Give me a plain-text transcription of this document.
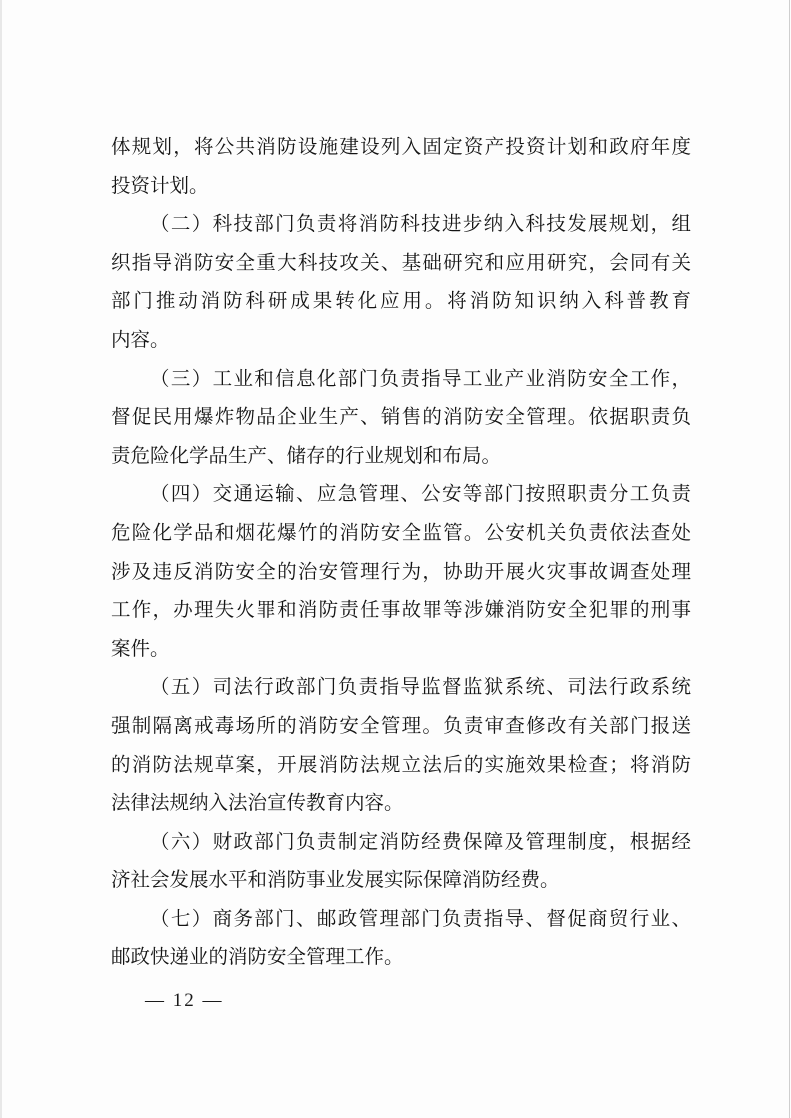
体规划，将公共消防设施建设列入固定资产投资计划和政府年度
投资计划。
（二）科技部门负责将消防科技进步纳入科技发展规划，组
织指导消防安全重大科技攻关、基础研究和应用研究，会同有关
部门推动消防科研成果转化应用。将消防知识纳入科普教育
内容。
（三）工业和信息化部门负责指导工业产业消防安全工作，
督促民用爆炸物品企业生产、销售的消防安全管理。依据职责负
责危险化学品生产、储存的行业规划和布局。
（四）交通运输、应急管理、公安等部门按照职责分工负责
危险化学品和烟花爆竹的消防安全监管。公安机关负责依法查处
涉及违反消防安全的治安管理行为，协助开展火灾事故调查处理
工作，办理失火罪和消防责任事故罪等涉嫌消防安全犯罪的刑事
案件。
（五）司法行政部门负责指导监督监狱系统、司法行政系统
强制隔离戒毒场所的消防安全管理。负责审查修改有关部门报送
的消防法规草案，开展消防法规立法后的实施效果检查；将消防
法律法规纳入法治宣传教育内容。
（六）财政部门负责制定消防经费保障及管理制度，根据经
济社会发展水平和消防事业发展实际保障消防经费。
（七）商务部门、邮政管理部门负责指导、督促商贸行业、
邮政快递业的消防安全管理工作。
— 12 —
